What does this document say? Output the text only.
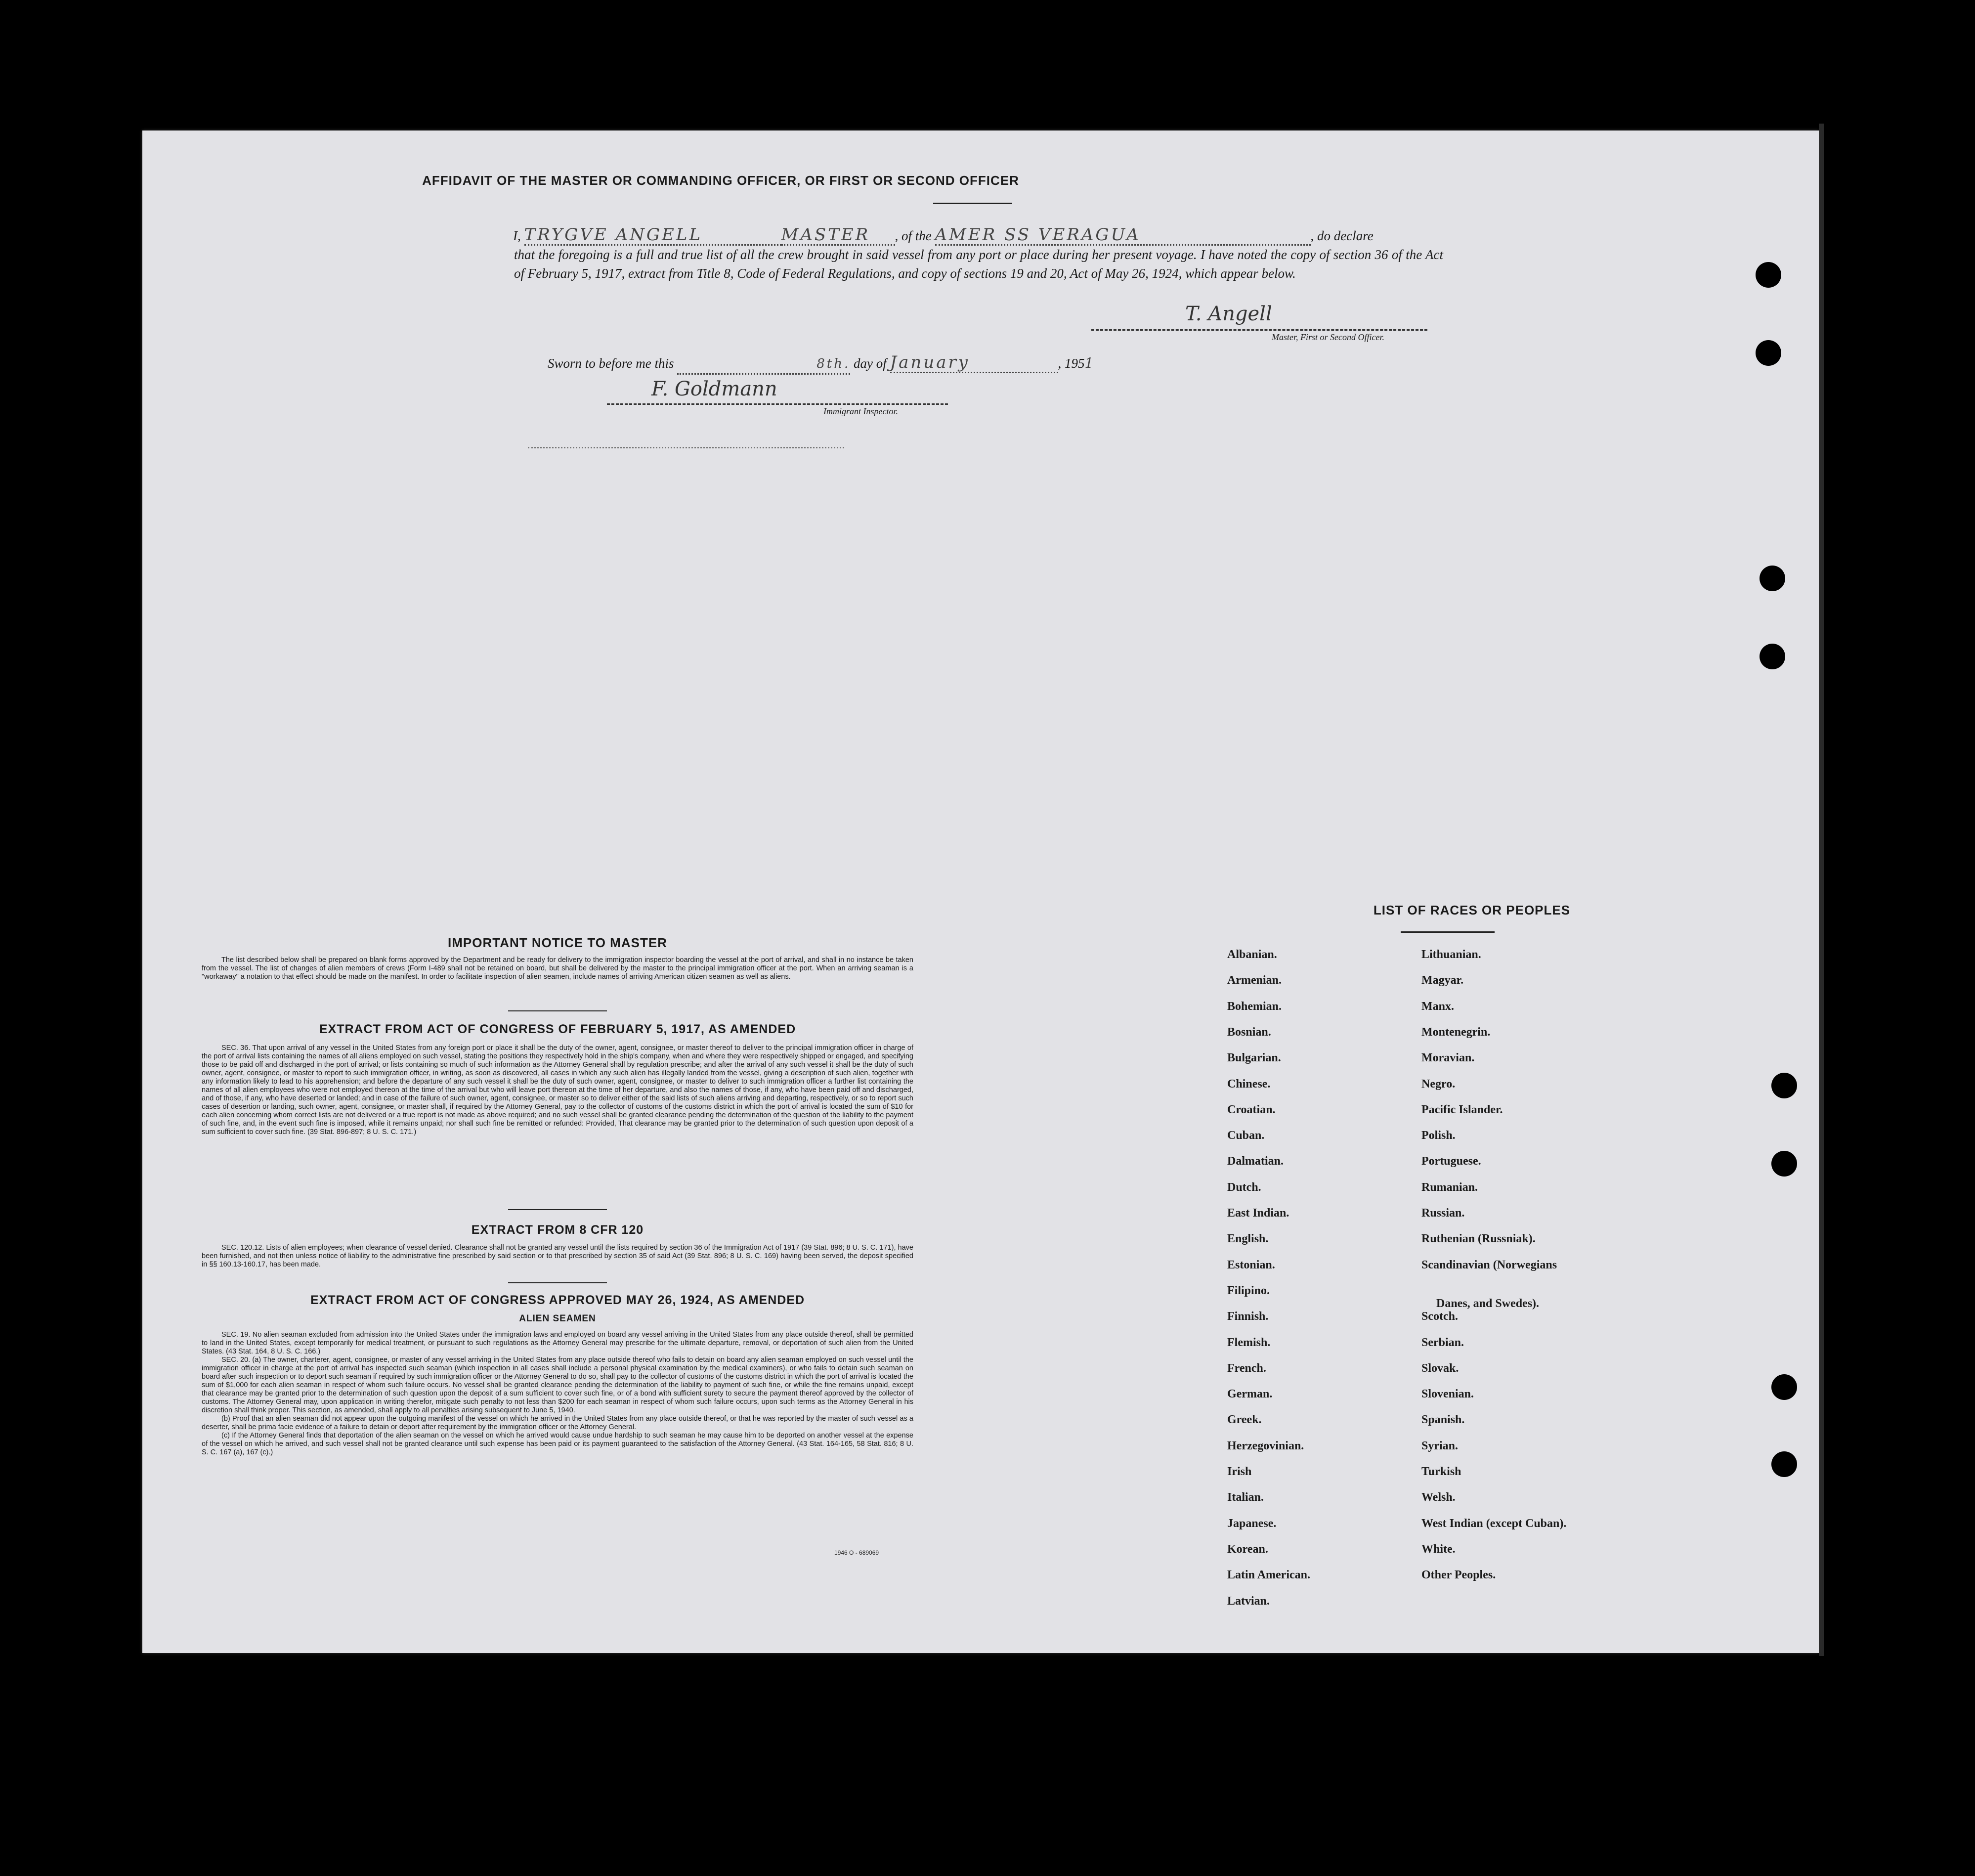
AFFIDAVIT OF THE MASTER OR COMMANDING OFFICER, OR FIRST OR SECOND OFFICER
I, TRYGVE ANGELL	MASTER , of the AMER SS VERAGUA	, do declare
that the foregoing is a full and true list of all the crew brought in said vessel from any port or place during her present voyage. I have noted the copy of section 36 of the Act of February 5, 1917, extract from Title 8, Code of Federal Regulations, and copy of sections 19 and 20, Act of May 26, 1924, which appear below.
T. Angell
Master, First or Second Officer.
Sworn to before me this	8th. day of January	, 1951
F. Goldmann
Immigrant Inspector.
IMPORTANT NOTICE TO MASTER

The list described below shall be prepared on blank forms approved by the Department and be ready for delivery to the immigration inspector boarding the vessel at the port of arrival, and shall in no instance be taken from the vessel. The list of changes of alien members of crews (Form I-489 shall not be retained on board, but shall be delivered by the master to the principal immigration officer at the port. When an arriving seaman is a "workaway" a notation to that effect should be made on the manifest. In order to facilitate inspection of alien seamen, include names of arriving American citizen seamen as well as aliens.

EXTRACT FROM ACT OF CONGRESS OF FEBRUARY 5, 1917, AS AMENDED

SEC. 36. That upon arrival of any vessel in the United States from any foreign port or place it shall be the duty of the owner, agent, consignee, or master thereof to deliver to the principal immigration officer in charge of the port of arrival lists containing the names of all aliens employed on such vessel, stating the positions they respectively hold in the ship's company, when and where they were respectively shipped or engaged, and specifying those to be paid off and discharged in the port of arrival; or lists containing so much of such information as the Attorney General shall by regulation prescribe; and after the arrival of any such vessel it shall be the duty of such owner, agent, consignee, or master to report to such immigration officer, in writing, as soon as discovered, all cases in which any such alien has illegally landed from the vessel, giving a description of such alien, together with any information likely to lead to his apprehension; and before the departure of any such vessel it shall be the duty of such owner, agent, consignee, or master to deliver to such immigration officer a further list containing the names of all alien employees who were not employed thereon at the time of the arrival but who will leave port thereon at the time of her departure, and also the names of those, if any, who have been paid off and discharged, and of those, if any, who have deserted or landed; and in case of the failure of such owner, agent, consignee, or master so to deliver either of the said lists of such aliens arriving and departing, respectively, or so to report such cases of desertion or landing, such owner, agent, consignee, or master shall, if required by the Attorney General, pay to the collector of customs of the customs district in which the port of arrival is located the sum of $10 for each alien concerning whom correct lists are not delivered or a true report is not made as above required; and no such vessel shall be granted clearance pending the determination of the question of the liability to the payment of such fine, and, in the event such fine is imposed, while it remains unpaid; nor shall such fine be remitted or refunded: Provided, That clearance may be granted prior to the determination of such question upon deposit of a sum sufficient to cover such fine. (39 Stat. 896-897; 8 U. S. C. 171.)

EXTRACT FROM 8 CFR 120

SEC. 120.12. Lists of alien employees; when clearance of vessel denied. Clearance shall not be granted any vessel until the lists required by section 36 of the Immigration Act of 1917 (39 Stat. 896; 8 U. S. C. 171), have been furnished, and not then unless notice of liability to the administrative fine prescribed by said section or to that prescribed by section 35 of said Act (39 Stat. 896; 8 U. S. C. 169) having been served, the deposit specified in §§ 160.13-160.17, has been made.

EXTRACT FROM ACT OF CONGRESS APPROVED MAY 26, 1924, AS AMENDED
ALIEN SEAMEN

SEC. 19. No alien seaman excluded from admission into the United States under the immigration laws and employed on board any vessel arriving in the United States from any place outside thereof, shall be permitted to land in the United States, except temporarily for medical treatment, or pursuant to such regulations as the Attorney General may prescribe for the ultimate departure, removal, or deportation of such alien from the United States. (43 Stat. 164, 8 U. S. C. 166.)

SEC. 20. (a) The owner, charterer, agent, consignee, or master of any vessel arriving in the United States from any place outside thereof who fails to detain on board any alien seaman employed on such vessel until the immigration officer in charge at the port of arrival has inspected such seaman (which inspection in all cases shall include a personal physical examination by the medical examiners), or who fails to detain such seaman on board after such inspection or to deport such seaman if required by such immigration officer or the Attorney General to do so, shall pay to the collector of customs of the customs district in which the port of arrival is located the sum of $1,000 for each alien seaman in respect of whom such failure occurs. No vessel shall be granted clearance pending the determination of the liability to payment of such fine, or while the fine remains unpaid, except that clearance may be granted prior to the determination of such question upon the deposit of a sum sufficient to cover such fine, or of a bond with sufficient surety to secure the payment thereof approved by the collector of customs. The Attorney General may, upon application in writing therefor, mitigate such penalty to not less than $200 for each seaman in respect of whom such failure occurs, upon such terms as the Attorney General in his discretion shall think proper. This section, as amended, shall apply to all penalties arising subsequent to June 5, 1940.

(b) Proof that an alien seaman did not appear upon the outgoing manifest of the vessel on which he arrived in the United States from any place outside thereof, or that he was reported by the master of such vessel as a deserter, shall be prima facie evidence of a failure to detain or deport after requirement by the immigration officer or the Attorney General.

(c) If the Attorney General finds that deportation of the alien seaman on the vessel on which he arrived would cause undue hardship to such seaman he may cause him to be deported on another vessel at the expense of the vessel on which he arrived, and such vessel shall not be granted clearance until such expense has been paid or its payment guaranteed to the satisfaction of the Attorney General. (43 Stat. 164-165, 58 Stat. 816; 8 U. S. C. 167 (a), 167 (c).)

1946 O - 689069
LIST OF RACES OR PEOPLES
Albanian.
Armenian.
Bohemian.
Bosnian.
Bulgarian.
Chinese.
Croatian.
Cuban.
Dalmatian.
Dutch.
East Indian.
English.
Estonian.
Filipino.
Finnish.
Flemish.
French.
German.
Greek.
Herzegovinian.
Irish
Italian.
Japanese.
Korean.
Latin American.
Latvian.
Lithuanian.
Magyar.
Manx.
Montenegrin.
Moravian.
Negro.
Pacific Islander.
Polish.
Portuguese.
Rumanian.
Russian.
Ruthenian (Russniak).
Scandinavian (Norwegians
Danes, and Swedes).
Scotch.
Serbian.
Slovak.
Slovenian.
Spanish.
Syrian.
Turkish
Welsh.
West Indian (except Cuban).
White.
Other Peoples.
